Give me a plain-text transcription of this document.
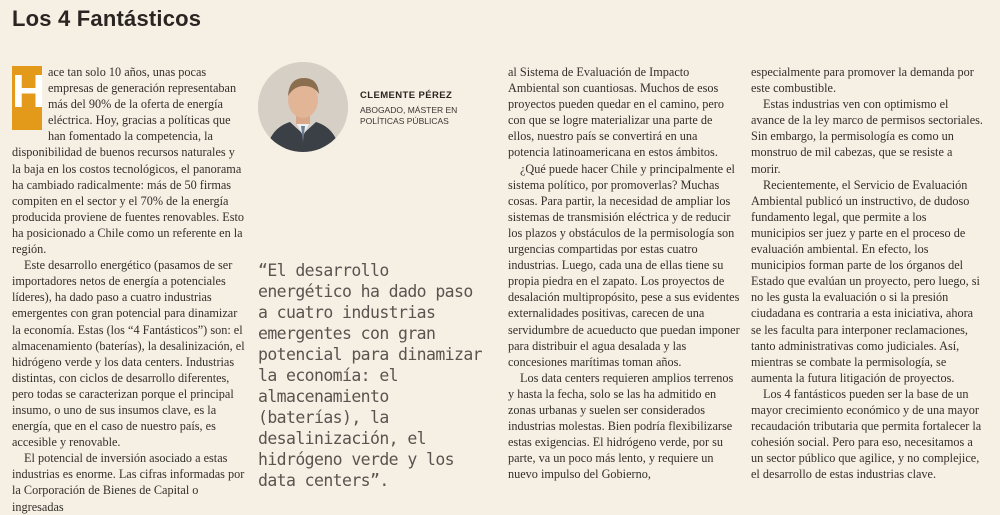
Los 4 Fantásticos

H ace tan solo 10 años, unas pocas empresas de generación representaban más del 90% de la oferta de energía eléctrica. Hoy, gracias a políticas que han fomentado la competencia, la disponibilidad de buenos recursos naturales y la baja en los costos tecnológicos, el panorama ha cambiado radicalmente: más de 50 firmas compiten en el sector y el 70% de la energía producida proviene de fuentes renovables. Esto ha posicionado a Chile como un referente en la región.

Este desarrollo energético (pasamos de ser importadores netos de energía a potenciales líderes), ha dado paso a cuatro industrias emergentes con gran potencial para dinamizar la economía. Estas (los “4 Fantásticos”) son: el almacenamiento (baterías), la desalinización, el hidrógeno verde y los data centers. Industrias distintas, con ciclos de desarrollo diferentes, pero todas se caracterizan porque el principal insumo, o uno de sus insumos clave, es la energía, que en el caso de nuestro país, es accesible y renovable.

El potencial de inversión asociado a estas industrias es enorme. Las cifras informadas por la Corporación de Bienes de Capital o ingresadas

CLEMENTE PÉREZ
ABOGADO, MÁSTER EN
POLÍTICAS PÚBLICAS
“El desarrollo energético ha dado paso a cuatro industrias emergentes con gran potencial para dinamizar la economía: el almacenamiento (baterías), la desalinización, el hidrógeno verde y los data centers”.

al Sistema de Evaluación de Impacto Ambiental son cuantiosas. Muchos de esos proyectos pueden quedar en el camino, pero con que se logre materializar una parte de ellos, nuestro país se convertirá en una potencia latinoamericana en estos ámbitos.

¿Qué puede hacer Chile y principalmente el sistema político, por promoverlas? Muchas cosas. Para partir, la necesidad de ampliar los sistemas de transmisión eléctrica y de reducir los plazos y obstáculos de la permisología son urgencias compartidas por estas cuatro industrias. Luego, cada una de ellas tiene su propia piedra en el zapato. Los proyectos de desalación multipropósito, pese a sus evidentes externalidades positivas, carecen de una servidumbre de acueducto que puedan imponer para distribuir el agua desalada y las concesiones marítimas toman años.

Los data centers requieren amplios terrenos y hasta la fecha, solo se las ha admitido en zonas urbanas y suelen ser considerados industrias molestas. Bien podría flexibilizarse estas exigencias. El hidrógeno verde, por su parte, va un poco más lento, y requiere un nuevo impulso del Gobierno,

especialmente para promover la demanda por este combustible.

Estas industrias ven con optimismo el avance de la ley marco de permisos sectoriales. Sin embargo, la permisología es como un monstruo de mil cabezas, que se resiste a morir.

Recientemente, el Servicio de Evaluación Ambiental publicó un instructivo, de dudoso fundamento legal, que permite a los municipios ser juez y parte en el proceso de evaluación ambiental. En efecto, los municipios forman parte de los órganos del Estado que evalúan un proyecto, pero luego, si no les gusta la evaluación o si la presión ciudadana es contraria a esta iniciativa, ahora se les faculta para interponer reclamaciones, tanto administrativas como judiciales. Así, mientras se combate la permisología, se aumenta la futura litigación de proyectos.

Los 4 fantásticos pueden ser la base de un mayor crecimiento económico y de una mayor recaudación tributaria que permita fortalecer la cohesión social. Pero para eso, necesitamos a un sector público que agilice, y no complejice, el desarrollo de estas industrias clave.
